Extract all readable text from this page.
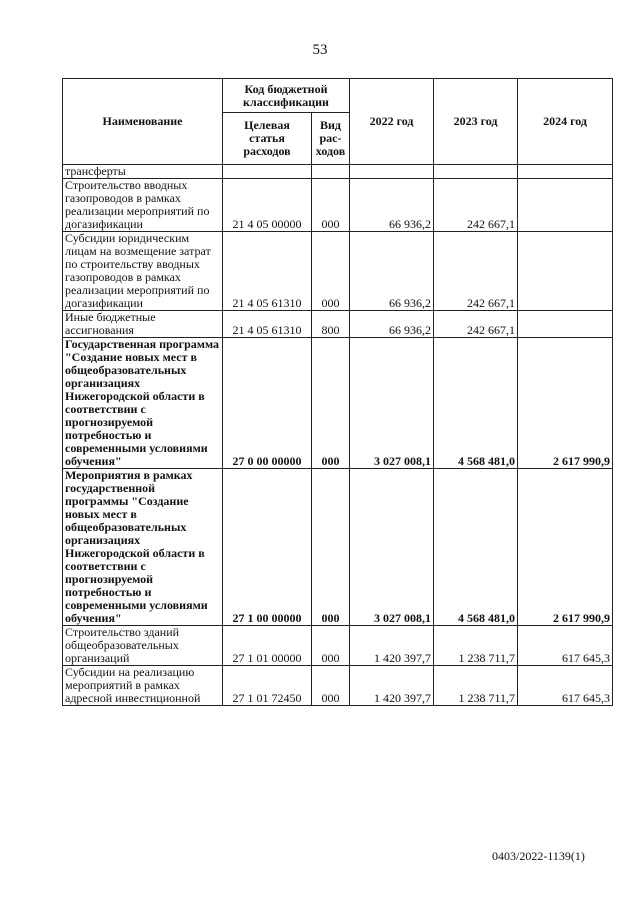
53
Наименование	Код бюджетной классификации		2022 год	2023 год	2024 год
	Целевая статья расходов	Вид рас-ходов			
трансферты					
Строительство вводных газопроводов в рамках реализации мероприятий по догазификации	21 4 05 00000	000	66 936,2	242 667,1	
Субсидии юридическим лицам на возмещение затрат по строительству вводных газопроводов в рамках реализации мероприятий по догазификации	21 4 05 61310	000	66 936,2	242 667,1	
Иные бюджетные ассигнования	21 4 05 61310	800	66 936,2	242 667,1	
Государственная программа "Создание новых мест в общеобразовательных организациях Нижегородской области в соответствии с прогнозируемой потребностью и современными условиями обучения"	27 0 00 00000	000	3 027 008,1	4 568 481,0	2 617 990,9
Мероприятия в рамках государственной программы "Создание новых мест в общеобразовательных организациях Нижегородской области в соответствии с прогнозируемой потребностью и современными условиями обучения"	27 1 00 00000	000	3 027 008,1	4 568 481,0	2 617 990,9
Строительство зданий общеобразовательных организаций	27 1 01 00000	000	1 420 397,7	1 238 711,7	617 645,3
Субсидии на реализацию мероприятий в рамках адресной инвестиционной	27 1 01 72450	000	1 420 397,7	1 238 711,7	617 645,3
0403/2022-1139(1)
